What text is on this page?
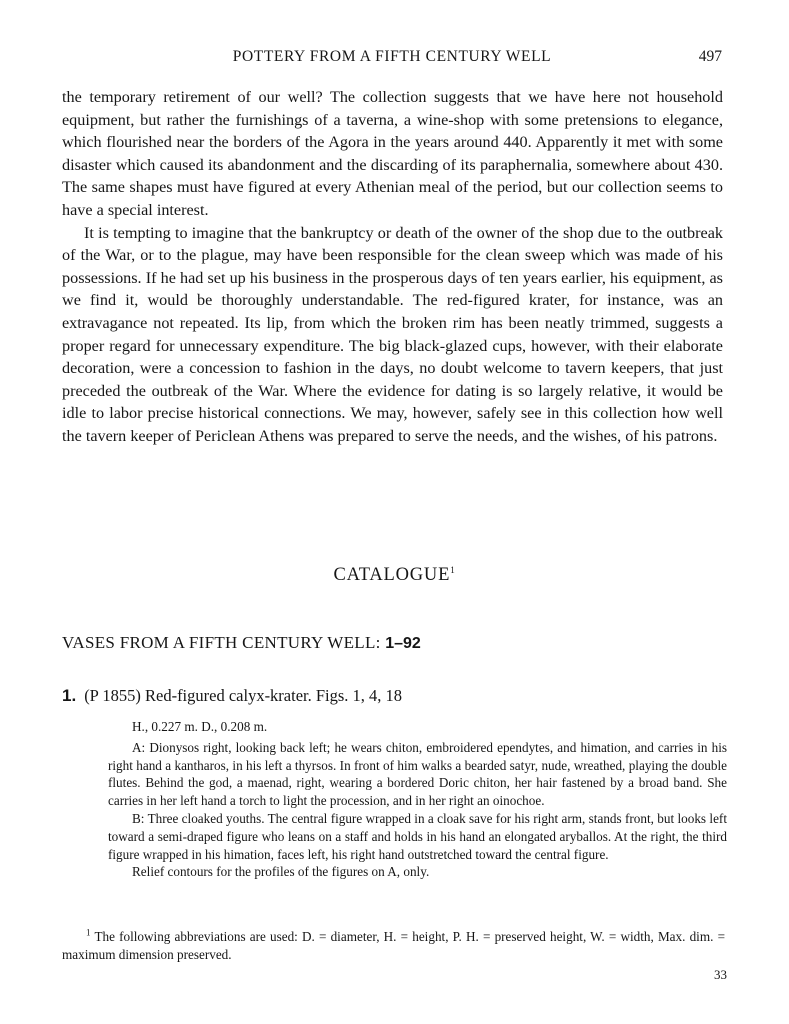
POTTERY FROM A FIFTH CENTURY WELL	497

the temporary retirement of our well? The collection suggests that we have here not household equipment, but rather the furnishings of a taverna, a wine-shop with some pretensions to elegance, which flourished near the borders of the Agora in the years around 440. Apparently it met with some disaster which caused its abandonment and the discarding of its paraphernalia, somewhere about 430. The same shapes must have figured at every Athenian meal of the period, but our collection seems to have a special interest.

It is tempting to imagine that the bankruptcy or death of the owner of the shop due to the outbreak of the War, or to the plague, may have been responsible for the clean sweep which was made of his possessions. If he had set up his business in the prosperous days of ten years earlier, his equipment, as we find it, would be thoroughly understandable. The red-figured krater, for instance, was an extravagance not repeated. Its lip, from which the broken rim has been neatly trimmed, suggests a proper regard for unnecessary expenditure. The big black-glazed cups, however, with their elaborate decoration, were a concession to fashion in the days, no doubt welcome to tavern keepers, that just preceded the outbreak of the War. Where the evidence for dating is so largely relative, it would be idle to labor precise historical connections. We may, however, safely see in this collection how well the tavern keeper of Periclean Athens was prepared to serve the needs, and the wishes, of his patrons.

CATALOGUE$^1$
VASES FROM A FIFTH CENTURY WELL: 1–92
1. (P 1855) Red-figured calyx-krater. Figs. 1, 4, 18

H., 0.227 m. D., 0.208 m.

A: Dionysos right, looking back left; he wears chiton, embroidered ependytes, and himation, and carries in his right hand a kantharos, in his left a thyrsos. In front of him walks a bearded satyr, nude, wreathed, playing the double flutes. Behind the god, a maenad, right, wearing a bordered Doric chiton, her hair fastened by a broad band. She carries in her left hand a torch to light the procession, and in her right an oinochoe.

B: Three cloaked youths. The central figure wrapped in a cloak save for his right arm, stands front, but looks left toward a semi-draped figure who leans on a staff and holds in his hand an elongated aryballos. At the right, the third figure wrapped in his himation, faces left, his right hand outstretched toward the central figure.

Relief contours for the profiles of the figures on A, only.

$^1$ The following abbreviations are used: D. = diameter, H. = height, P. H. = preserved height, W. = width, Max. dim. = maximum dimension preserved.

33
